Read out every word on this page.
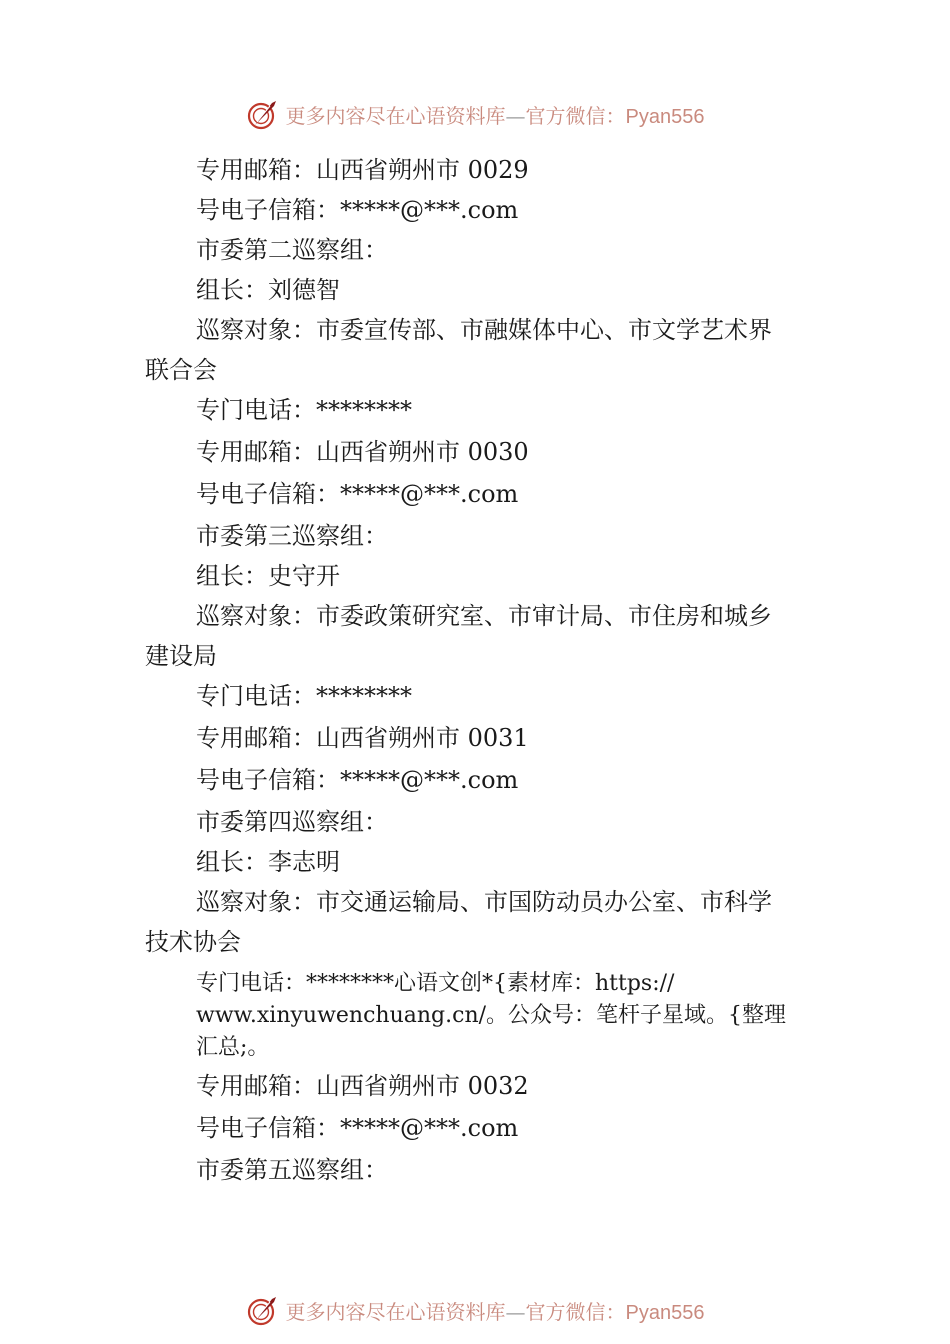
更多内容尽在心语资料库—官方微信：Pyan556

专用邮箱：山西省朔州市 0029

号电子信箱：*****@***.com

市委第二巡察组：

组长：刘德智

巡察对象：市委宣传部、市融媒体中心、市文学艺术界

联合会

专门电话：********

专用邮箱：山西省朔州市 0030

号电子信箱：*****@***.com

市委第三巡察组：

组长：史守开

巡察对象：市委政策研究室、市审计局、市住房和城乡

建设局

专门电话：********

专用邮箱：山西省朔州市 0031

号电子信箱：*****@***.com

市委第四巡察组：

组长：李志明

巡察对象：市交通运输局、市国防动员办公室、市科学

技术协会

专门电话：********心语文创*{素材库：https://
www.xinyuwenchuang.cn/。公众号：笔杆子星域。{整理
汇总;。

专用邮箱：山西省朔州市 0032

号电子信箱：*****@***.com

市委第五巡察组：

更多内容尽在心语资料库—官方微信：Pyan556
